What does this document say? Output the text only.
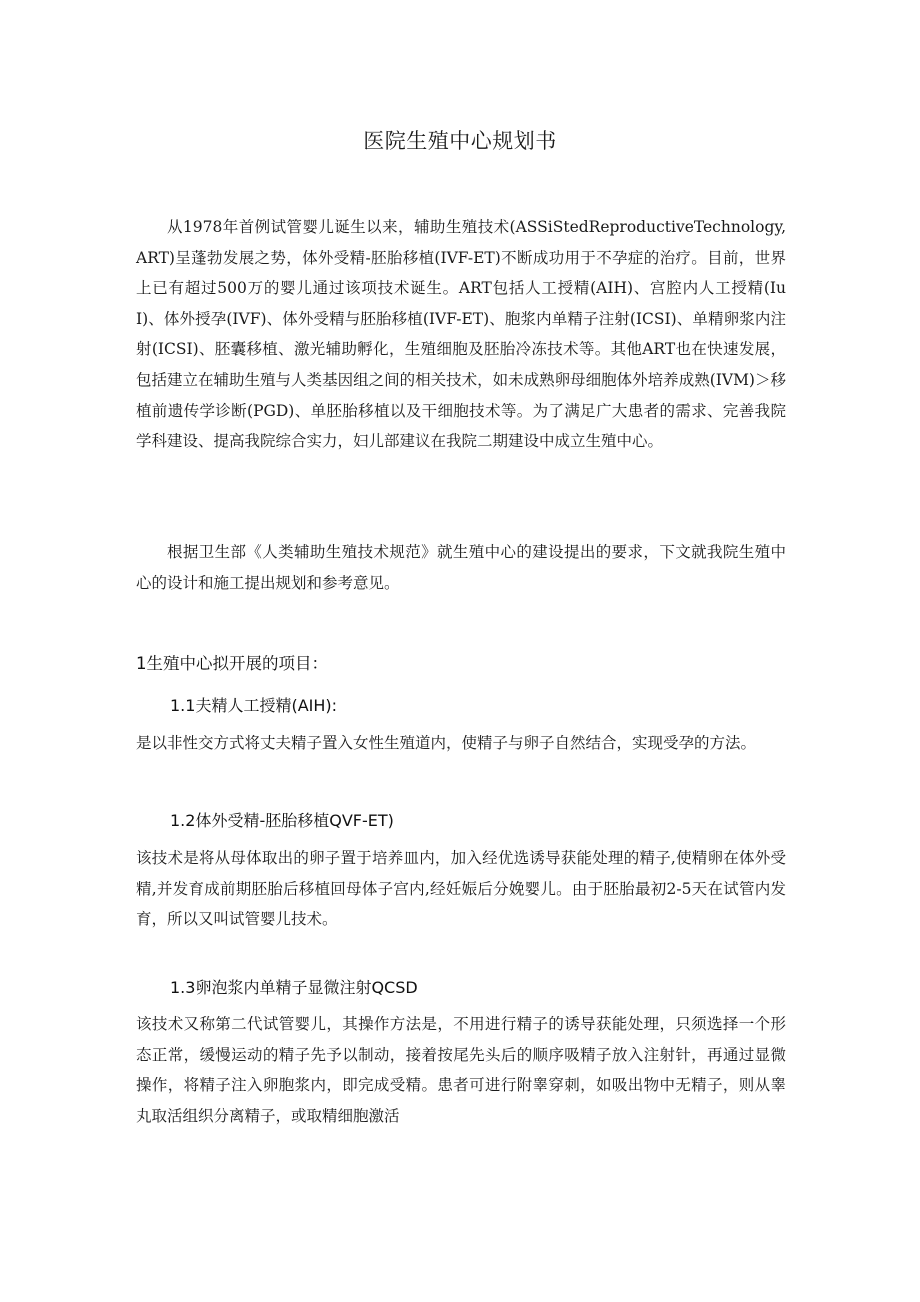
医院生殖中心规划书

从1978年首例试管婴儿诞生以来，辅助生殖技术(ASSiStedReproductiveTechnology,ART)呈蓬勃发展之势，体外受精-胚胎移植(IVF-ET)不断成功用于不孕症的治疗。目前，世界上已有超过500万的婴儿通过该项技术诞生。ART包括人工授精(AIH)、宫腔内人工授精(IuI)、体外授孕(IVF)、体外受精与胚胎移植(IVF-ET)、胞浆内单精子注射(ICSI)、单精卵浆内注射(ICSI)、胚囊移植、激光辅助孵化，生殖细胞及胚胎冷冻技术等。其他ART也在快速发展，包括建立在辅助生殖与人类基因组之间的相关技术，如未成熟卵母细胞体外培养成熟(IVM)＞移植前遗传学诊断(PGD)、单胚胎移植以及干细胞技术等。为了满足广大患者的需求、完善我院学科建设、提高我院综合实力，妇儿部建议在我院二期建设中成立生殖中心。

根据卫生部《人类辅助生殖技术规范》就生殖中心的建设提出的要求，下文就我院生殖中心的设计和施工提出规划和参考意见。

1生殖中心拟开展的项目：
1.1夫精人工授精(AIH):

是以非性交方式将丈夫精子置入女性生殖道内，使精子与卵子自然结合，实现受孕的方法。

1.2体外受精-胚胎移植QVF-ET)

该技术是将从母体取出的卵子置于培养皿内，加入经优选诱导获能处理的精子,使精卵在体外受精,并发育成前期胚胎后移植回母体子宫内,经妊娠后分娩婴儿。由于胚胎最初2-5天在试管内发育，所以又叫试管婴儿技术。

1.3卵泡浆内单精子显微注射QCSD

该技术又称第二代试管婴儿，其操作方法是，不用进行精子的诱导获能处理，只须选择一个形态正常，缓慢运动的精子先予以制动，接着按尾先头后的顺序吸精子放入注射针，再通过显微操作，将精子注入卵胞浆内，即完成受精。患者可进行附睾穿刺，如吸出物中无精子，则从睾丸取活组织分离精子，或取精细胞激活
